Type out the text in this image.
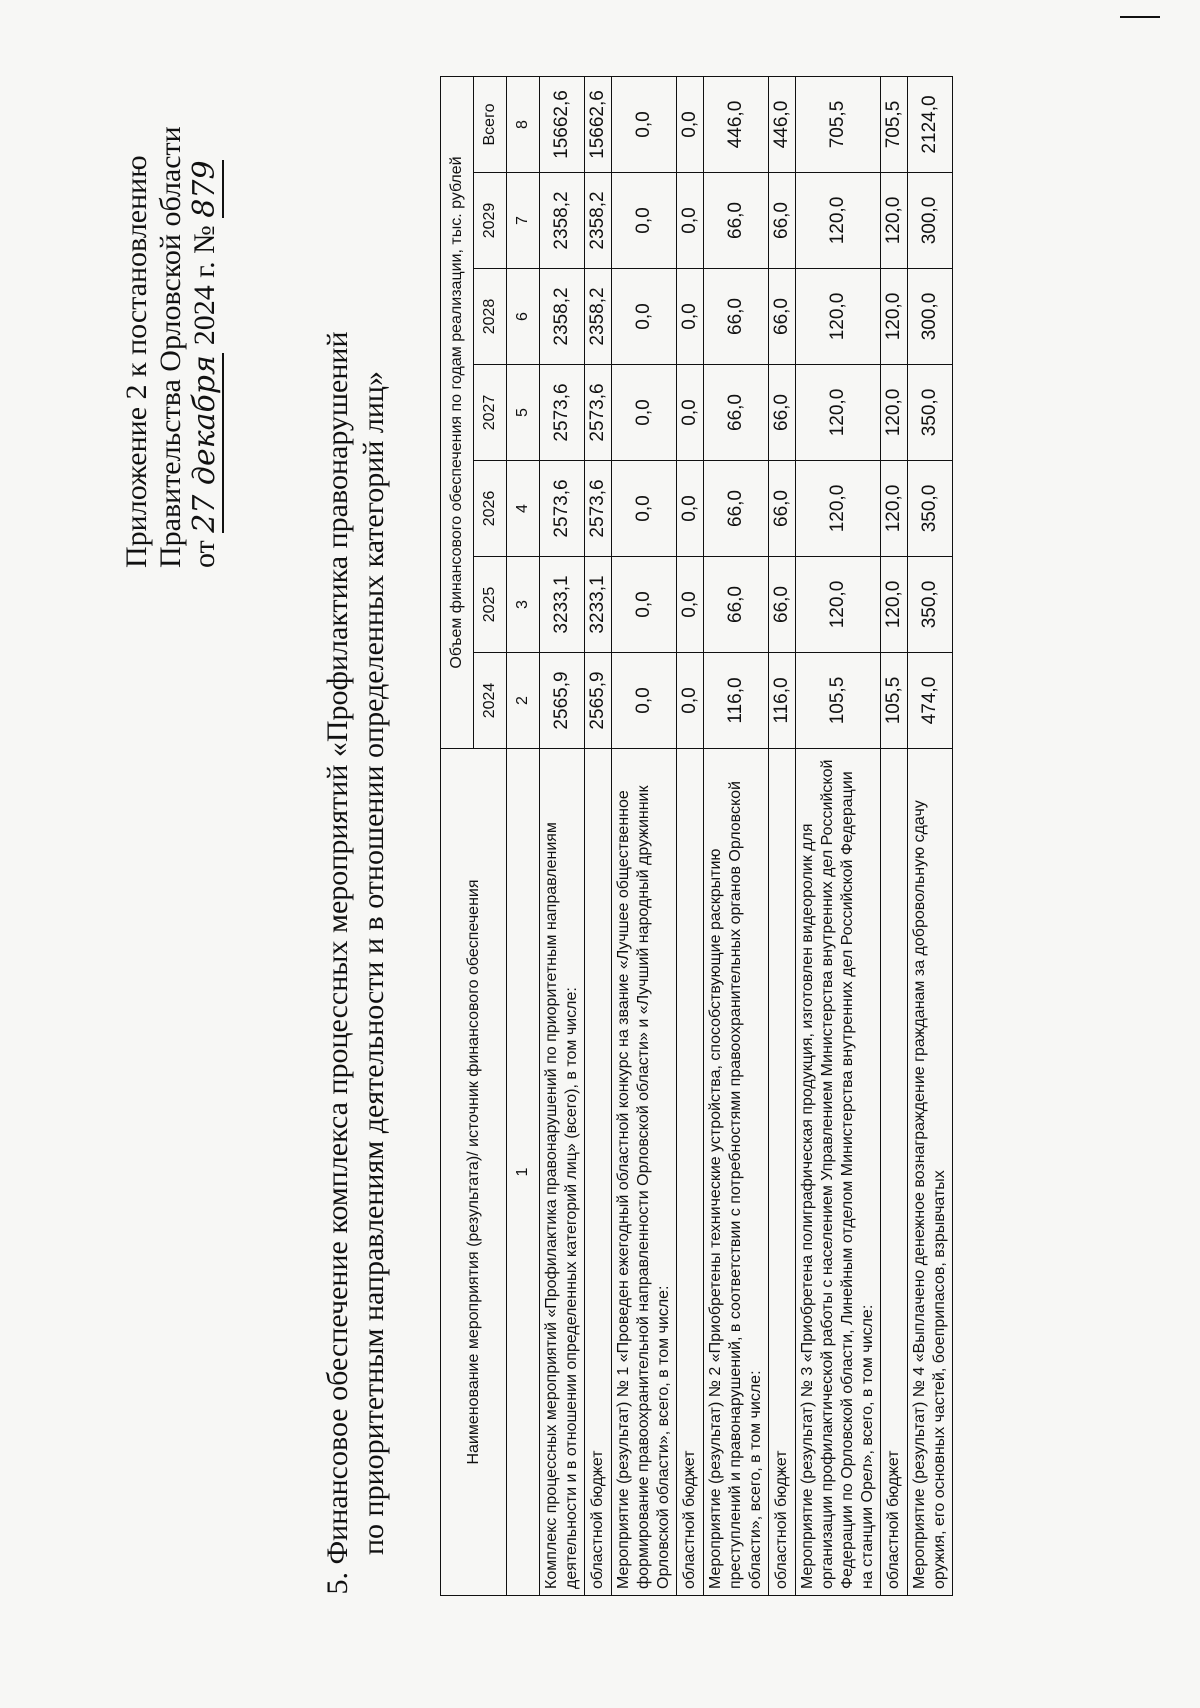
Приложение 2 к постановлению Правительства Орловской области от 27 декабря 2024 г. № 879
5. Финансовое обеспечение комплекса процессных мероприятий «Профилактика правонарушений по приоритетным направлениям деятельности и в отношении определенных категорий лиц»	Наименование мероприятия (результата)/ источник финансового обеспечения	Объем финансового обеспечения по годам реализации, тыс. рублей						
	2024	2025	2026	2027	2028	2029	Всего
1	2	3	4	5	6	7	8
Комплекс процессных мероприятий «Профилактика правонарушений по приоритетным направлениям деятельности и в отношении определенных категорий лиц» (всего), в том числе:	2565,9	3233,1	2573,6	2573,6	2358,2	2358,2	15662,6
областной бюджет	2565,9	3233,1	2573,6	2573,6	2358,2	2358,2	15662,6
Мероприятие (результат) № 1 «Проведен ежегодный областной конкурс на звание «Лучшее общественное формирование правоохранительной направленности Орловской области» и «Лучший народный дружинник Орловской области», всего, в том числе:	0,0	0,0	0,0	0,0	0,0	0,0	0,0
областной бюджет	0,0	0,0	0,0	0,0	0,0	0,0	0,0
Мероприятие (результат) № 2 «Приобретены технические устройства, способствующие раскрытию преступлений и правонарушений, в соответствии с потребностями правоохранительных органов Орловской области», всего, в том числе:	116,0	66,0	66,0	66,0	66,0	66,0	446,0
областной бюджет	116,0	66,0	66,0	66,0	66,0	66,0	446,0
Мероприятие (результат) № 3 «Приобретена полиграфическая продукция, изготовлен видеоролик для организации профилактической работы с населением Управлением Министерства внутренних дел Российской Федерации по Орловской области, Линейным отделом Министерства внутренних дел Российской Федерации на станции Орел», всего, в том числе:	105,5	120,0	120,0	120,0	120,0	120,0	705,5
областной бюджет	105,5	120,0	120,0	120,0	120,0	120,0	705,5
Мероприятие (результат) № 4 «Выплачено денежное вознаграждение гражданам за добровольную сдачу оружия, его основных частей, боеприпасов, взрывчатых	474,0	350,0	350,0	350,0	300,0	300,0	2124,0
